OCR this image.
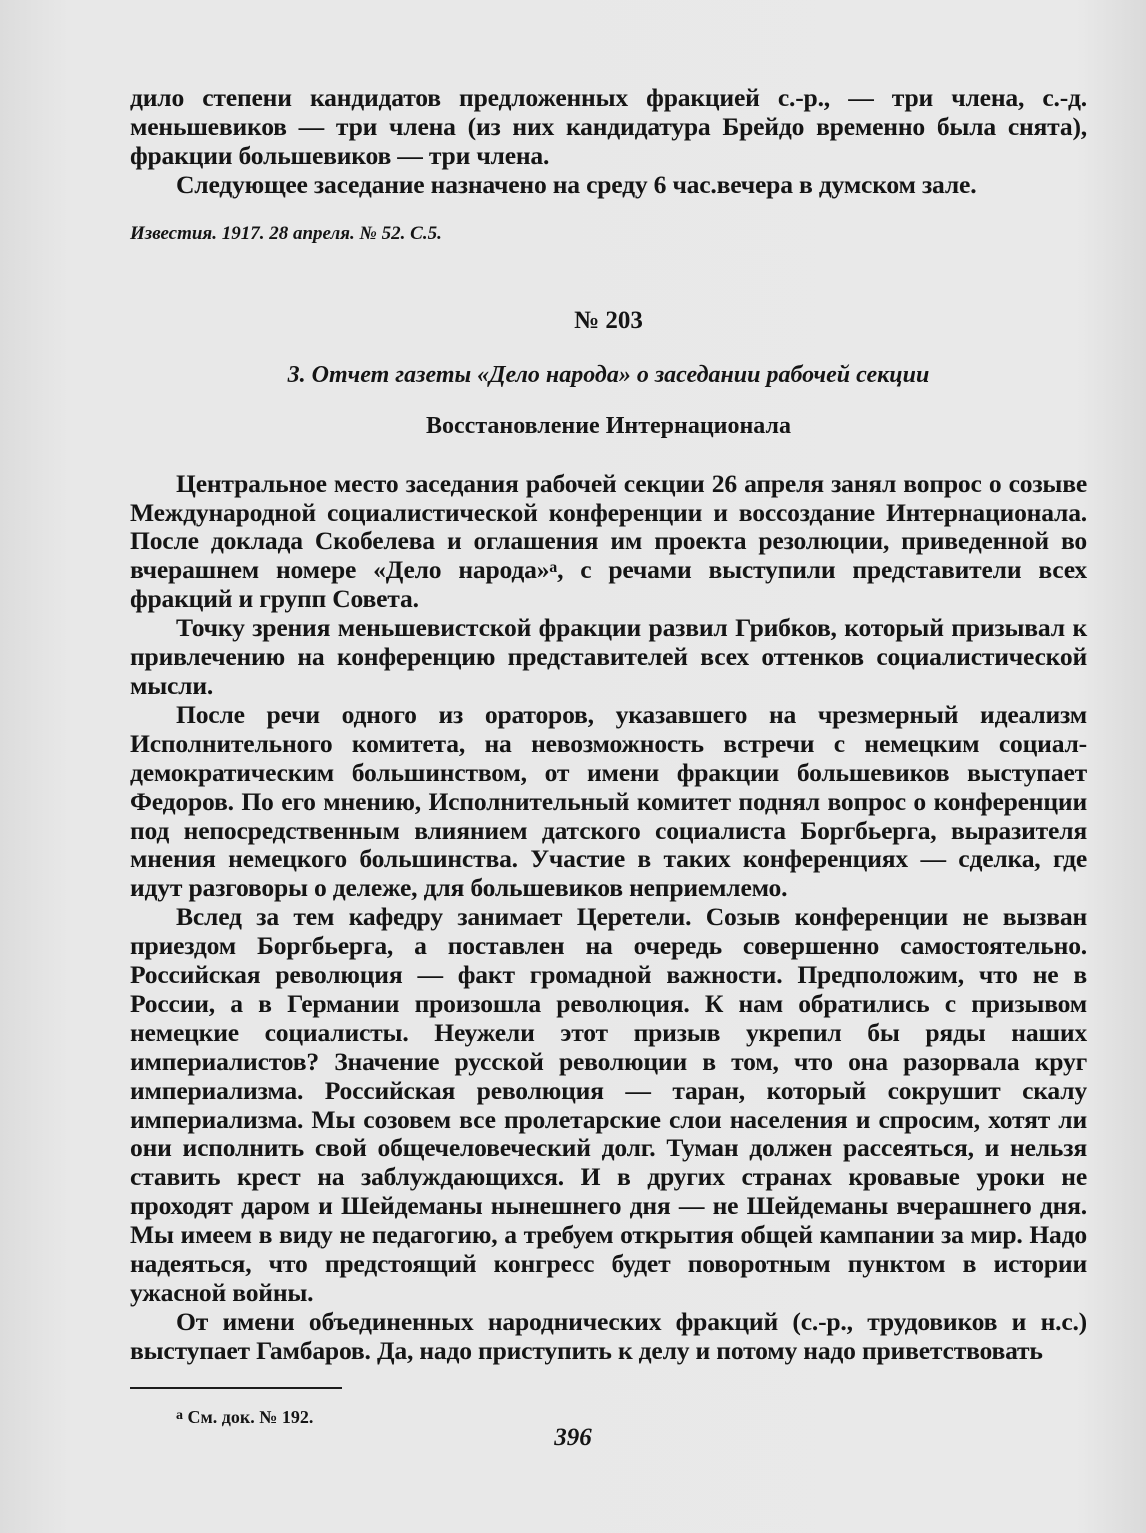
дило степени кандидатов предложенных фракцией с.-р., — три члена, с.-д. меньшевиков — три члена (из них кандидатура Брейдо временно была снята), фракции большевиков — три члена.

Следующее заседание назначено на среду 6 час.вечера в думском зале.

Известия. 1917. 28 апреля. № 52. С.5.

№ 203
3. Отчет газеты «Дело народа» о заседании рабочей секции
Восстановление Интернационала

Центральное место заседания рабочей секции 26 апреля занял вопрос о созыве Международной социалистической конференции и воссоздание Интернационала. После доклада Скобелева и оглашения им проекта резолюции, приведенной во вчерашнем номере «Дело народа»$^а$, с речами выступили представители всех фракций и групп Совета.

Точку зрения меньшевистской фракции развил Грибков, который призывал к привлечению на конференцию представителей всех оттенков социалистической мысли.

После речи одного из ораторов, указавшего на чрезмерный идеализм Исполнительного комитета, на невозможность встречи с немецким социал-демократическим большинством, от имени фракции большевиков выступает Федоров. По его мнению, Исполнительный комитет поднял вопрос о конференции под непосредственным влиянием датского социалиста Боргбьерга, выразителя мнения немецкого большинства. Участие в таких конференциях — сделка, где идут разговоры о дележе, для большевиков неприемлемо.

Вслед за тем кафедру занимает Церетели. Созыв конференции не вызван приездом Боргбьерга, а поставлен на очередь совершенно самостоятельно. Российская революция — факт громадной важности. Предположим, что не в России, а в Германии произошла революция. К нам обратились с призывом немецкие социалисты. Неужели этот призыв укрепил бы ряды наших империалистов? Значение русской революции в том, что она разорвала круг империализма. Российская революция — таран, который сокрушит скалу империализма. Мы созовем все пролетарские слои населения и спросим, хотят ли они исполнить свой общечеловеческий долг. Туман должен рассеяться, и нельзя ставить крест на заблуждающихся. И в других странах кровавые уроки не проходят даром и Шейдеманы нынешнего дня — не Шейдеманы вчерашнего дня. Мы имеем в виду не педагогию, а требуем открытия общей кампании за мир. Надо надеяться, что предстоящий конгресс будет поворотным пунктом в истории ужасной войны.

От имени объединенных народнических фракций (с.-р., трудовиков и н.с.) выступает Гамбаров. Да, надо приступить к делу и потому надо приветствовать

$^а$ См. док. № 192.

396
